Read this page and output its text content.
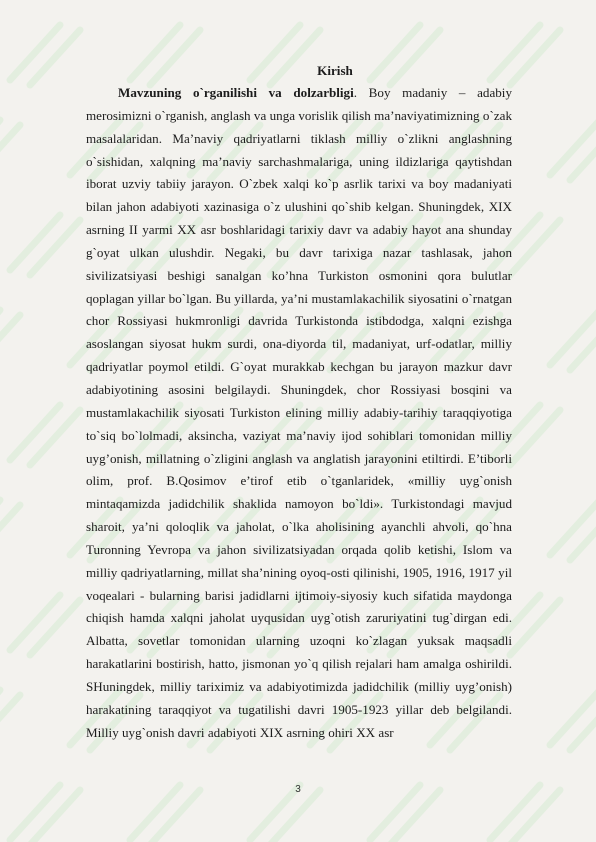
Kirish

Mavzuning o`rganilishi va dolzarbligi. Boy madaniy – adabiy merosimizni o`rganish, anglash va unga vorislik qilish ma’naviyatimizning o`zak masalalaridan. Ma’naviy qadriyatlarni tiklash milliy o`zlikni anglashning o`sishidan, xalqning ma’naviy sarchashmalariga, uning ildizlariga qaytishdan iborat uzviy tabiiy jarayon. O`zbek xalqi ko`p asrlik tarixi va boy madaniyati bilan jahon adabiyoti xazinasiga o`z ulushini qo`shib kelgan. Shuningdek, XIX asrning II yarmi XX asr boshlaridagi tarixiy davr va adabiy hayot ana shunday g`oyat ulkan ulushdir. Negaki, bu davr tarixiga nazar tashlasak, jahon sivilizatsiyasi beshigi sanalgan ko’hna Turkiston osmonini qora bulutlar qoplagan yillar bo`lgan. Bu yillarda, ya’ni mustamlakachilik siyosatini o`rnatgan chor Rossiyasi hukmronligi davrida Turkistonda istibdodga, xalqni ezishga asoslangan siyosat hukm surdi, ona-diyorda til, madaniyat, urf-odatlar, milliy qadriyatlar poymol etildi. G`oyat murakkab kechgan bu jarayon mazkur davr adabiyotining asosini belgilaydi. Shuningdek, chor Rossiyasi bosqini va mustamlakachilik siyosati Turkiston elining milliy adabiy-tarihiy taraqqiyotiga to`siq bo`lolmadi, aksincha, vaziyat ma’naviy ijod sohiblari tomonidan milliy uyg’onish, millatning o`zligini anglash va anglatish jarayonini etiltirdi. E’tiborli olim, prof. B.Qosimov e’tirof etib o`tganlaridek, «milliy uyg`onish mintaqamizda jadidchilik shaklida namoyon bo`ldi». Turkistondagi mavjud sharoit, ya’ni qoloqlik va jaholat, o`lka aholisining ayanchli ahvoli, qo`hna Turonning Yevropa va jahon sivilizatsiyadan orqada qolib ketishi, Islom va milliy qadriyatlarning, millat sha’nining oyoq-osti qilinishi, 1905, 1916, 1917 yil voqealari - bularning barisi jadidlarni ijtimoiy-siyosiy kuch sifatida maydonga chiqish hamda xalqni jaholat uyqusidan uyg`otish zaruriyatini tug`dirgan edi. Albatta, sovetlar tomonidan ularning uzoqni ko`zlagan yuksak maqsadli harakatlarini bostirish, hatto, jismonan yo`q qilish rejalari ham amalga oshirildi. SHuningdek, milliy tariximiz va adabiyotimizda jadidchilik (milliy uyg’onish) harakatining taraqqiyot va tugatilishi davri 1905-1923 yillar deb belgilandi. Milliy uyg`onish davri adabiyoti XIX asrning ohiri XX asr

3
